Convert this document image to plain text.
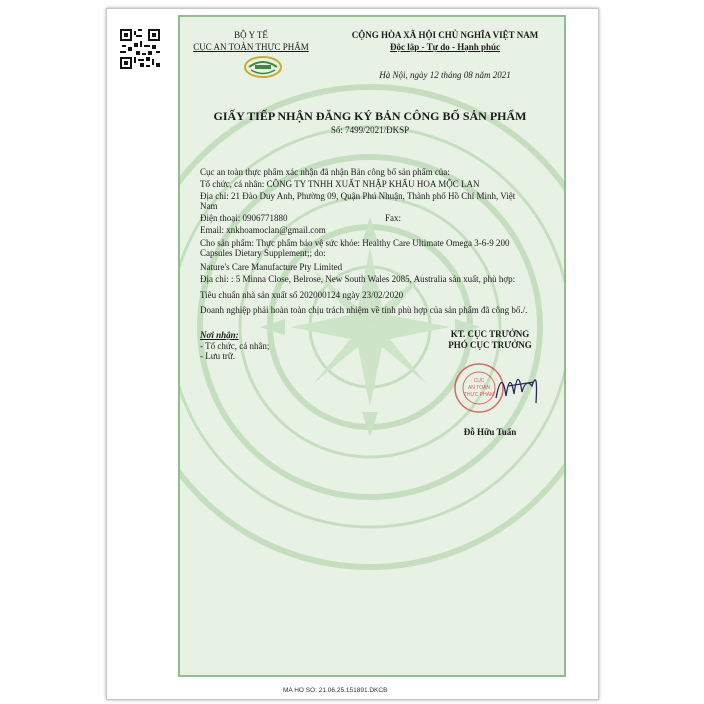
BỘ Y TẾ
CỤC AN TOÀN THỰC PHẨM
CỘNG HÒA XÃ HỘI CHỦ NGHĨA VIỆT NAM
Độc lập - Tự do - Hạnh phúc
Hà Nội, ngày 12 tháng 08 năm 2021
GIẤY TIẾP NHẬN ĐĂNG KÝ BẢN CÔNG BỐ SẢN PHẨM
Số: 7499/2021/ĐKSP
Cục an toàn thực phẩm xác nhận đã nhận Bản công bố sản phẩm của:
Tổ chức, cá nhân: CÔNG TY TNHH XUẤT NHẬP KHẨU HOA MỘC LAN
Địa chỉ: 21 Đào Duy Anh, Phường 09, Quận Phú Nhuận, Thành phố Hồ Chí Minh, Việt
Nam
Điện thoại: 0906771880	Fax:
Email: xnkhoamoclan@gmail.com
Cho sản phẩm: Thực phẩm bảo vệ sức khỏe: Healthy Care Ultimate Omega 3-6-9 200
Capsules Dietary Supplement;; do:
Nature's Care Manufacture Pty Limited
Địa chỉ: : 5 Minna Close, Belrose, New South Wales 2085, Australia sản xuất, phù hợp:
Tiêu chuẩn nhà sản xuất số 202000124 ngày 23/02/2020
Doanh nghiệp phải hoàn toàn chịu trách nhiệm về tính phù hợp của sản phẩm đã công bố./.
Nơi nhận:
- Tổ chức, cá nhân;
- Lưu trữ.
KT. CỤC TRƯỞNG
PHÓ CỤC TRƯỞNG
CỤC
AN TOÀN
THỰC PHẨM
Đỗ Hữu Tuấn
MA HO SO: 21.06.25.151891.DKCB
